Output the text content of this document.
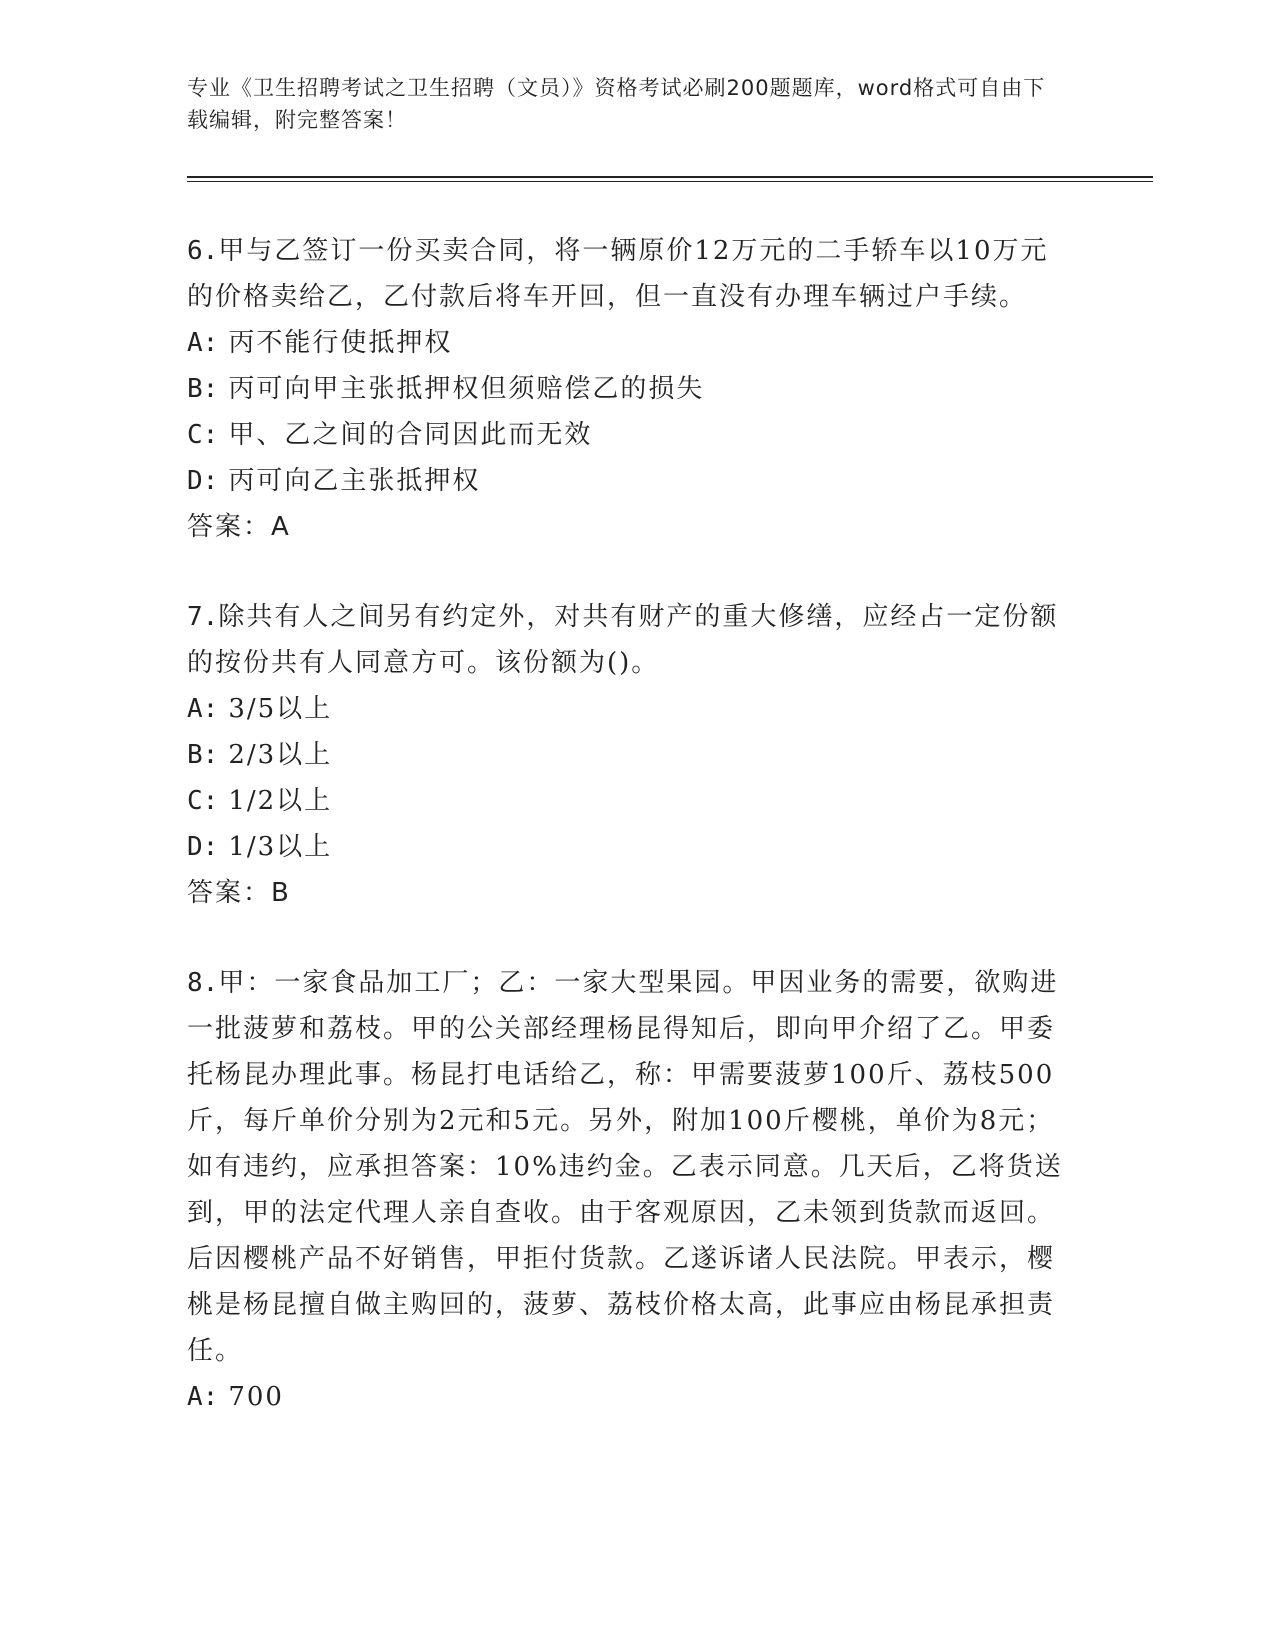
专业《卫生招聘考试之卫生招聘（文员）》资格考试必刷200题题库，word格式可自由下载编辑，附完整答案！

6.甲与乙签订一份买卖合同，将一辆原价12万元的二手轿车以10万元的价格卖给乙，乙付款后将车开回，但一直没有办理车辆过户手续。

A: 丙不能行使抵押权
B: 丙可向甲主张抵押权但须赔偿乙的损失
C: 甲、乙之间的合同因此而无效
D: 丙可向乙主张抵押权
答案：A

7.除共有人之间另有约定外，对共有财产的重大修缮，应经占一定份额的按份共有人同意方可。该份额为()。

A: 3/5以上
B: 2/3以上
C: 1/2以上
D: 1/3以上
答案：B

8.甲：一家食品加工厂；乙：一家大型果园。甲因业务的需要，欲购进一批菠萝和荔枝。甲的公关部经理杨昆得知后，即向甲介绍了乙。甲委托杨昆办理此事。杨昆打电话给乙，称：甲需要菠萝100斤、荔枝500斤，每斤单价分别为2元和5元。另外，附加100斤樱桃，单价为8元；如有违约，应承担答案：10%违约金。乙表示同意。几天后，乙将货送到，甲的法定代理人亲自查收。由于客观原因，乙未领到货款而返回。后因樱桃产品不好销售，甲拒付货款。乙遂诉诸人民法院。甲表示，樱桃是杨昆擅自做主购回的，菠萝、荔枝价格太高，此事应由杨昆承担责任。

A: 700
